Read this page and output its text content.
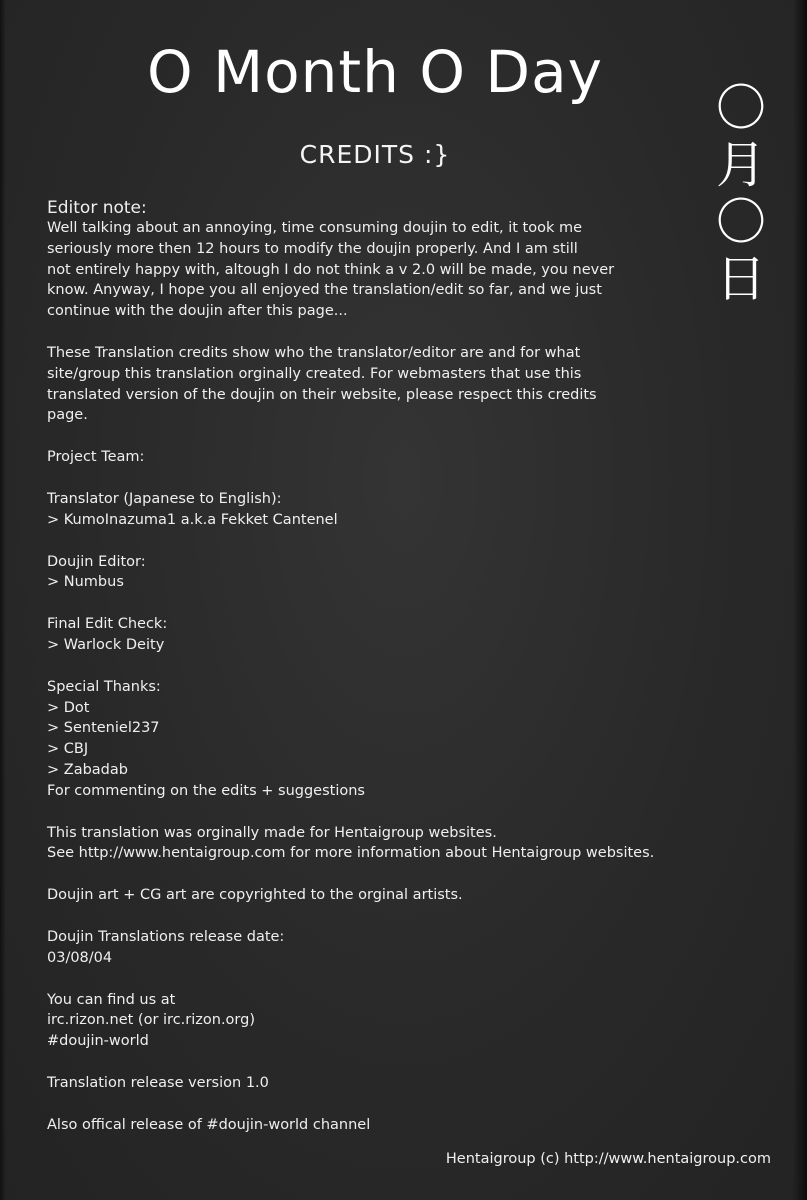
O Month O Day
CREDITS :}
〇
月
〇
日

Editor note:

Well talking about an annoying, time consuming doujin to edit, it took me

seriously more then 12 hours to modify the doujin properly. And I am still

not entirely happy with, altough I do not think a v 2.0 will be made, you never

know. Anyway, I hope you all enjoyed the translation/edit so far, and we just

continue with the doujin after this page...

These Translation credits show who the translator/editor are and for what

site/group this translation orginally created. For webmasters that use this

translated version of the doujin on their website, please respect this credits

page.

Project Team:

Translator (Japanese to English):

> KumoInazuma1 a.k.a Fekket Cantenel

Doujin Editor:

> Numbus

Final Edit Check:

> Warlock Deity

Special Thanks:

> Dot

> Senteniel237

> CBJ

> Zabadab

For commenting on the edits + suggestions

This translation was orginally made for Hentaigroup websites.

See http://www.hentaigroup.com for more information about Hentaigroup websites.

Doujin art + CG art are copyrighted to the orginal artists.

Doujin Translations release date:

03/08/04

You can find us at

irc.rizon.net (or irc.rizon.org)

#doujin-world

Translation release version 1.0

Also offical release of #doujin-world channel

Hentaigroup (c) http://www.hentaigroup.com
